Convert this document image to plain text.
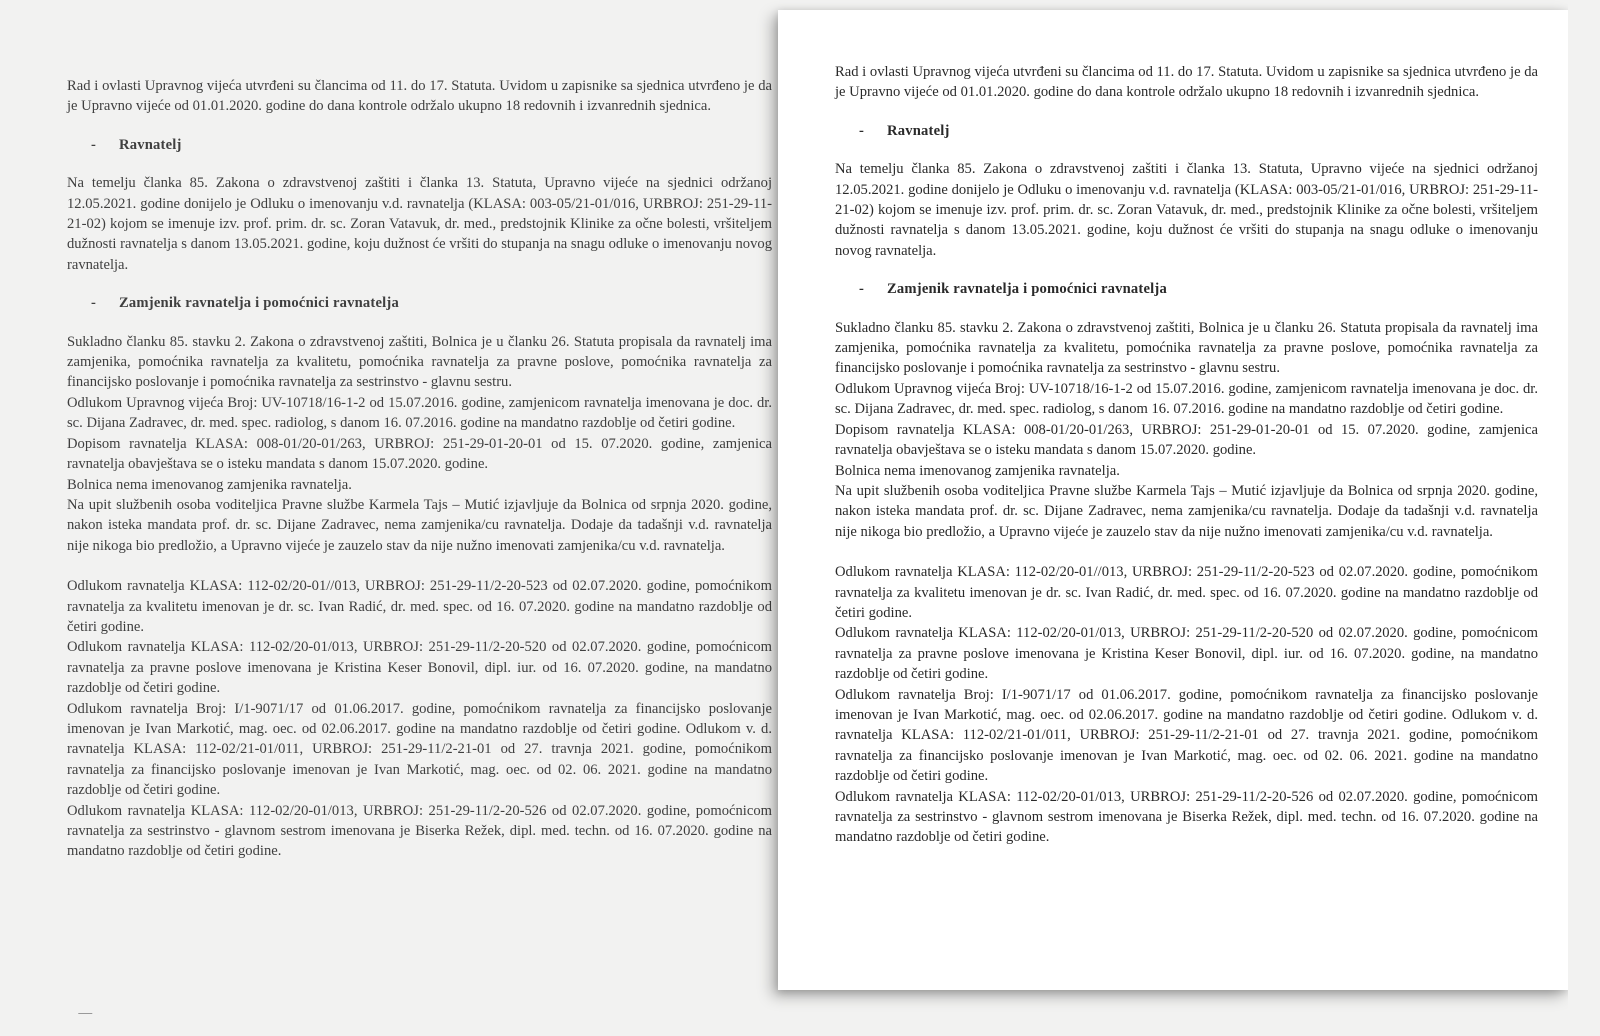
Rad i ovlasti Upravnog vijeća utvrđeni su člancima od 11. do 17. Statuta. Uvidom u zapisnike sa sjednica utvrđeno je da je Upravno vijeće od 01.01.2020. godine do dana kontrole održalo ukupno 18 redovnih i izvanrednih sjednica.

-	Ravnatelj

Na temelju članka 85. Zakona o zdravstvenoj zaštiti i članka 13. Statuta, Upravno vijeće na sjednici održanoj 12.05.2021. godine donijelo je Odluku o imenovanju v.d. ravnatelja (KLASA: 003-05/21-01/016, URBROJ: 251-29-11-21-02) kojom se imenuje izv. prof. prim. dr. sc. Zoran Vatavuk, dr. med., predstojnik Klinike za očne bolesti, vršiteljem dužnosti ravnatelja s danom 13.05.2021. godine, koju dužnost će vršiti do stupanja na snagu odluke o imenovanju novog ravnatelja.

-	Zamjenik ravnatelja i pomoćnici ravnatelja

Sukladno članku 85. stavku 2. Zakona o zdravstvenoj zaštiti, Bolnica je u članku 26. Statuta propisala da ravnatelj ima zamjenika, pomoćnika ravnatelja za kvalitetu, pomoćnika ravnatelja za pravne poslove, pomoćnika ravnatelja za financijsko poslovanje i pomoćnika ravnatelja za sestrinstvo - glavnu sestru.

Odlukom Upravnog vijeća Broj: UV-10718/16-1-2 od 15.07.2016. godine, zamjenicom ravnatelja imenovana je doc. dr. sc. Dijana Zadravec, dr. med. spec. radiolog, s danom 16. 07.2016. godine na mandatno razdoblje od četiri godine.

Dopisom ravnatelja KLASA: 008-01/20-01/263, URBROJ: 251-29-01-20-01 od 15. 07.2020. godine, zamjenica ravnatelja obavještava se o isteku mandata s danom 15.07.2020. godine.

Bolnica nema imenovanog zamjenika ravnatelja.

Na upit službenih osoba voditeljica Pravne službe Karmela Tajs – Mutić izjavljuje da Bolnica od srpnja 2020. godine, nakon isteka mandata prof. dr. sc. Dijane Zadravec, nema zamjenika/cu ravnatelja. Dodaje da tadašnji v.d. ravnatelja nije nikoga bio predložio, a Upravno vijeće je zauzelo stav da nije nužno imenovati zamjenika/cu v.d. ravnatelja.

Odlukom ravnatelja KLASA: 112-02/20-01//013, URBROJ: 251-29-11/2-20-523 od 02.07.2020. godine, pomoćnikom ravnatelja za kvalitetu imenovan je dr. sc. Ivan Radić, dr. med. spec. od 16. 07.2020. godine na mandatno razdoblje od četiri godine.

Odlukom ravnatelja KLASA: 112-02/20-01/013, URBROJ: 251-29-11/2-20-520 od 02.07.2020. godine, pomoćnicom ravnatelja za pravne poslove imenovana je Kristina Keser Bonovil, dipl. iur. od 16. 07.2020. godine, na mandatno razdoblje od četiri godine.

Odlukom ravnatelja Broj: I/1-9071/17 od 01.06.2017. godine, pomoćnikom ravnatelja za financijsko poslovanje imenovan je Ivan Markotić, mag. oec. od 02.06.2017. godine na mandatno razdoblje od četiri godine. Odlukom v. d. ravnatelja KLASA: 112-02/21-01/011, URBROJ: 251-29-11/2-21-01 od 27. travnja 2021. godine, pomoćnikom ravnatelja za financijsko poslovanje imenovan je Ivan Markotić, mag. oec. od 02. 06. 2021. godine na mandatno razdoblje od četiri godine.

Odlukom ravnatelja KLASA: 112-02/20-01/013, URBROJ: 251-29-11/2-20-526 od 02.07.2020. godine, pomoćnicom ravnatelja za sestrinstvo - glavnom sestrom imenovana je Biserka Režek, dipl. med. techn. od 16. 07.2020. godine na mandatno razdoblje od četiri godine.

Rad i ovlasti Upravnog vijeća utvrđeni su člancima od 11. do 17. Statuta. Uvidom u zapisnike sa sjednica utvrđeno je da je Upravno vijeće od 01.01.2020. godine do dana kontrole održalo ukupno 18 redovnih i izvanrednih sjednica.

-	Ravnatelj

Na temelju članka 85. Zakona o zdravstvenoj zaštiti i članka 13. Statuta, Upravno vijeće na sjednici održanoj 12.05.2021. godine donijelo je Odluku o imenovanju v.d. ravnatelja (KLASA: 003-05/21-01/016, URBROJ: 251-29-11-21-02) kojom se imenuje izv. prof. prim. dr. sc. Zoran Vatavuk, dr. med., predstojnik Klinike za očne bolesti, vršiteljem dužnosti ravnatelja s danom 13.05.2021. godine, koju dužnost će vršiti do stupanja na snagu odluke o imenovanju novog ravnatelja.

-	Zamjenik ravnatelja i pomoćnici ravnatelja

Sukladno članku 85. stavku 2. Zakona o zdravstvenoj zaštiti, Bolnica je u članku 26. Statuta propisala da ravnatelj ima zamjenika, pomoćnika ravnatelja za kvalitetu, pomoćnika ravnatelja za pravne poslove, pomoćnika ravnatelja za financijsko poslovanje i pomoćnika ravnatelja za sestrinstvo - glavnu sestru.

Odlukom Upravnog vijeća Broj: UV-10718/16-1-2 od 15.07.2016. godine, zamjenicom ravnatelja imenovana je doc. dr. sc. Dijana Zadravec, dr. med. spec. radiolog, s danom 16. 07.2016. godine na mandatno razdoblje od četiri godine.

Dopisom ravnatelja KLASA: 008-01/20-01/263, URBROJ: 251-29-01-20-01 od 15. 07.2020. godine, zamjenica ravnatelja obavještava se o isteku mandata s danom 15.07.2020. godine.

Bolnica nema imenovanog zamjenika ravnatelja.

Na upit službenih osoba voditeljica Pravne službe Karmela Tajs – Mutić izjavljuje da Bolnica od srpnja 2020. godine, nakon isteka mandata prof. dr. sc. Dijane Zadravec, nema zamjenika/cu ravnatelja. Dodaje da tadašnji v.d. ravnatelja nije nikoga bio predložio, a Upravno vijeće je zauzelo stav da nije nužno imenovati zamjenika/cu v.d. ravnatelja.

Odlukom ravnatelja KLASA: 112-02/20-01//013, URBROJ: 251-29-11/2-20-523 od 02.07.2020. godine, pomoćnikom ravnatelja za kvalitetu imenovan je dr. sc. Ivan Radić, dr. med. spec. od 16. 07.2020. godine na mandatno razdoblje od četiri godine.

Odlukom ravnatelja KLASA: 112-02/20-01/013, URBROJ: 251-29-11/2-20-520 od 02.07.2020. godine, pomoćnicom ravnatelja za pravne poslove imenovana je Kristina Keser Bonovil, dipl. iur. od 16. 07.2020. godine, na mandatno razdoblje od četiri godine.

Odlukom ravnatelja Broj: I/1-9071/17 od 01.06.2017. godine, pomoćnikom ravnatelja za financijsko poslovanje imenovan je Ivan Markotić, mag. oec. od 02.06.2017. godine na mandatno razdoblje od četiri godine. Odlukom v. d. ravnatelja KLASA: 112-02/21-01/011, URBROJ: 251-29-11/2-21-01 od 27. travnja 2021. godine, pomoćnikom ravnatelja za financijsko poslovanje imenovan je Ivan Markotić, mag. oec. od 02. 06. 2021. godine na mandatno razdoblje od četiri godine.

Odlukom ravnatelja KLASA: 112-02/20-01/013, URBROJ: 251-29-11/2-20-526 od 02.07.2020. godine, pomoćnicom ravnatelja za sestrinstvo - glavnom sestrom imenovana je Biserka Režek, dipl. med. techn. od 16. 07.2020. godine na mandatno razdoblje od četiri godine.
